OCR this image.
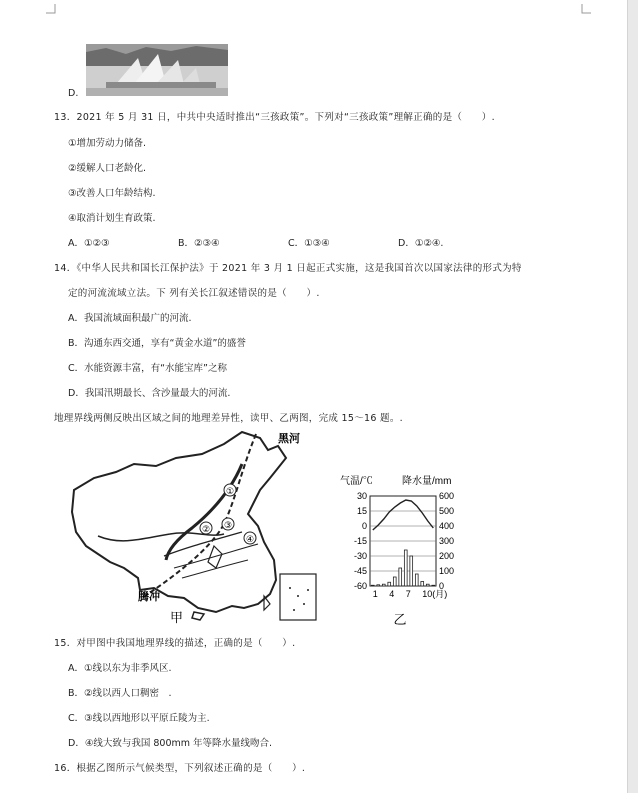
D.
13．2021 年 5 月 31 日，中共中央适时推出“三孩政策”。下列对“三孩政策”理解正确的是（　　）.
①增加劳动力储备.
②缓解人口老龄化.
③改善人口年龄结构.
④取消计划生育政策.
A．①②③	B．②③④	C．①③④	D．①②④.
14．《中华人民共和国长江保护法》于 2021 年 3 月 1 日起正式实施，这是我国首次以国家法律的形式为特
定的河流流域立法。下 列有关长江叙述错误的是（　　）.
A．我国流域面积最广的河流.
B．沟通东西交通，享有“黄金水道”的盛誉
C．水能资源丰富，有“水能宝库”之称
D．我国汛期最长、含沙量最大的河流.
地理界线两侧反映出区域之间的地理差异性，读甲、乙两图，完成 15～16 题。.
①
② ③
④
黑河
腾冲
甲
气温/℃	降水量/mm
30	600
15	500
0	400
-15	300
-30	200
-45	100
-60	0
1 4 7 10(月)
乙
15．对甲图中我国地理界线的描述，正确的是（　　）.
A．①线以东为非季风区.
B．②线以西人口稠密　.
C．③线以西地形以平原丘陵为主.
D．④线大致与我国 800mm 年等降水量线吻合.
16．根据乙图所示气候类型，下列叙述正确的是（　　）.
